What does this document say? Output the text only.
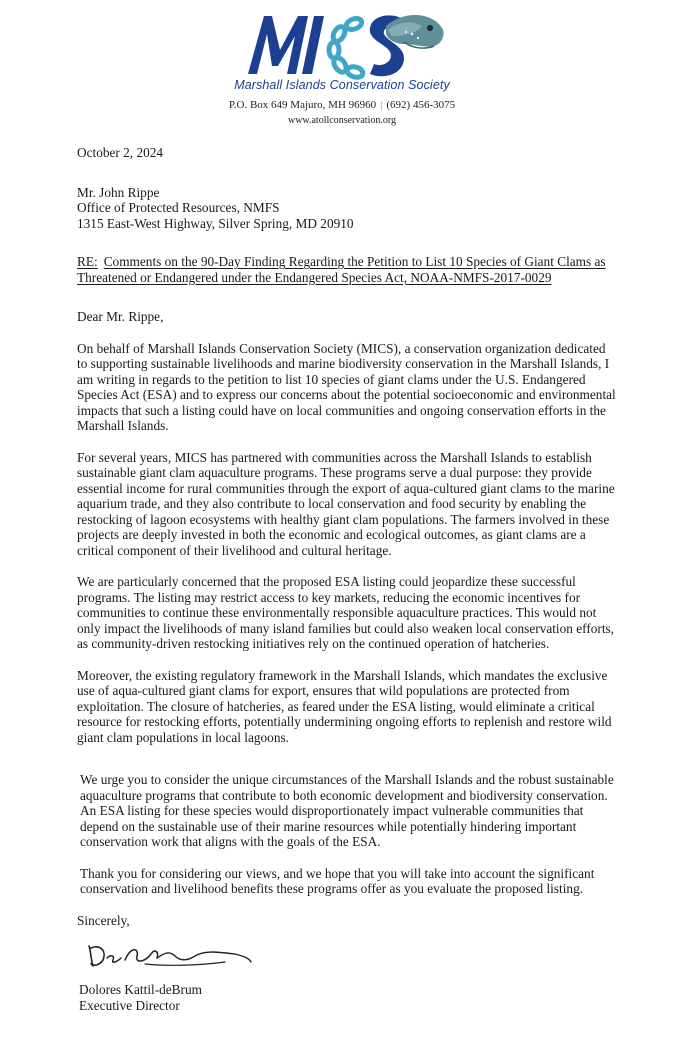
Marshall Islands Conservation Society
P.O. Box 649 Majuro, MH 96960 | (692) 456-3075
www.atollconservation.org

October 2, 2024

Mr. John Rippe
Office of Protected Resources, NMFS
1315 East-West Highway, Silver Spring, MD 20910

RE: Comments on the 90-Day Finding Regarding the Petition to List 10 Species of Giant Clams as Threatened or Endangered under the Endangered Species Act, NOAA-NMFS-2017-0029

Dear Mr. Rippe,

On behalf of Marshall Islands Conservation Society (MICS), a conservation organization dedicated to supporting sustainable livelihoods and marine biodiversity conservation in the Marshall Islands, I am writing in regards to the petition to list 10 species of giant clams under the U.S. Endangered Species Act (ESA) and to express our concerns about the potential socioeconomic and environmental impacts that such a listing could have on local communities and ongoing conservation efforts in the Marshall Islands.

For several years, MICS has partnered with communities across the Marshall Islands to establish sustainable giant clam aquaculture programs. These programs serve a dual purpose: they provide essential income for rural communities through the export of aqua-cultured giant clams to the marine aquarium trade, and they also contribute to local conservation and food security by enabling the restocking of lagoon ecosystems with healthy giant clam populations. The farmers involved in these projects are deeply invested in both the economic and ecological outcomes, as giant clams are a critical component of their livelihood and cultural heritage.

We are particularly concerned that the proposed ESA listing could jeopardize these successful programs. The listing may restrict access to key markets, reducing the economic incentives for communities to continue these environmentally responsible aquaculture practices. This would not only impact the livelihoods of many island families but could also weaken local conservation efforts, as community-driven restocking initiatives rely on the continued operation of hatcheries.

Moreover, the existing regulatory framework in the Marshall Islands, which mandates the exclusive use of aqua-cultured giant clams for export, ensures that wild populations are protected from exploitation. The closure of hatcheries, as feared under the ESA listing, would eliminate a critical resource for restocking efforts, potentially undermining ongoing efforts to replenish and restore wild giant clam populations in local lagoons.

We urge you to consider the unique circumstances of the Marshall Islands and the robust sustainable aquaculture programs that contribute to both economic development and biodiversity conservation. An ESA listing for these species would disproportionately impact vulnerable communities that depend on the sustainable use of their marine resources while potentially hindering important conservation work that aligns with the goals of the ESA.

Thank you for considering our views, and we hope that you will take into account the significant conservation and livelihood benefits these programs offer as you evaluate the proposed listing.

Sincerely,

Dolores Kattil-deBrum
Executive Director
